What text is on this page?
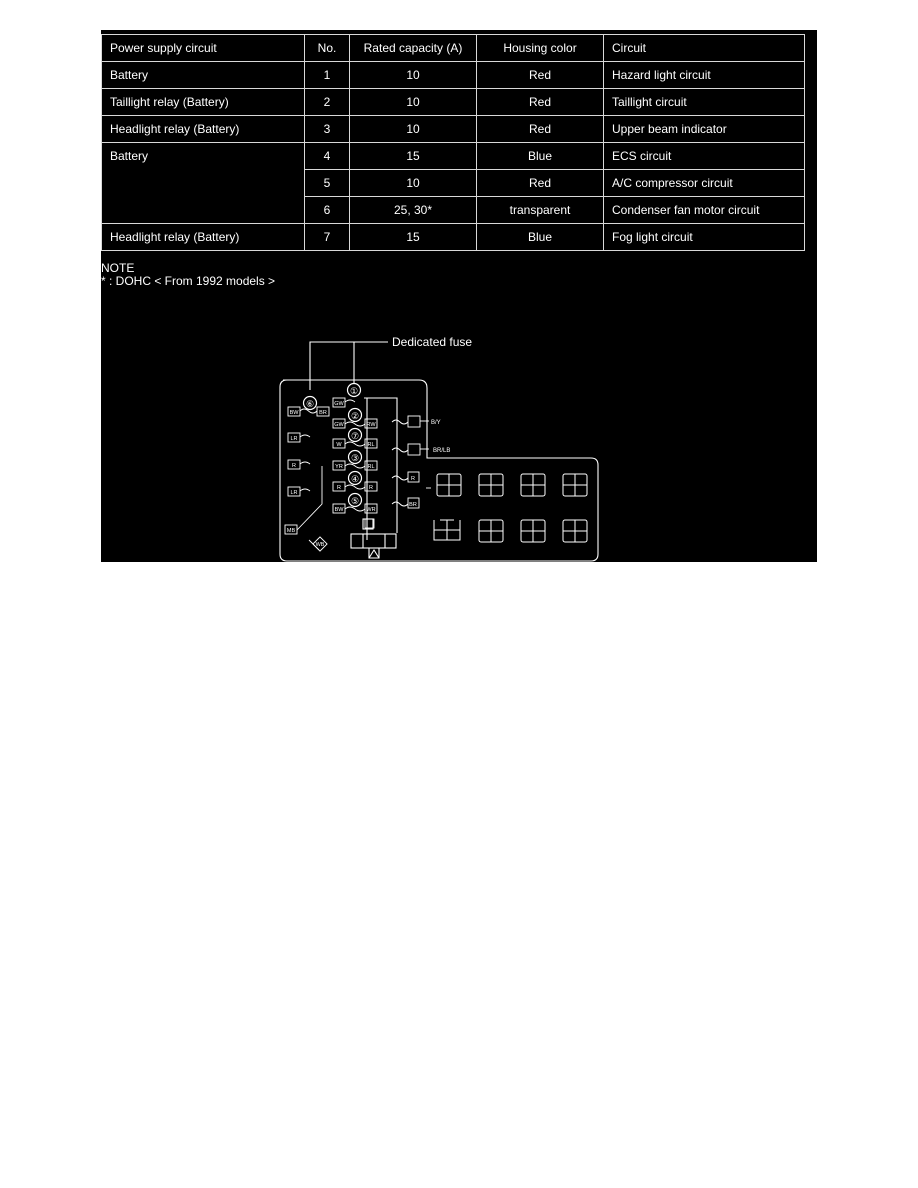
Power supply circuit	No.	Rated capacity (A)	Housing color	Circuit
Battery	1	10	Red	Hazard light circuit
Taillight relay (Battery)	2	10	Red	Taillight circuit
Headlight relay (Battery)	3	10	Red	Upper beam indicator
Battery	4	15	Blue	ECS circuit
	5	10	Red	A/C compressor circuit
	6	25, 30*	transparent	Condenser fan motor circuit
Headlight relay (Battery)	7	15	Blue	Fog light circuit
NOTE
* : DOHC < From 1992 models >
Dedicated fuse
①
②
⑦
③
④
⑤
⑥	GW
GW	RW
W	RL
YR	RL
R	R
BW	WR
BW	BR
LR
R
LR
MB
WB
R
BR
B/Y
BR/LB
